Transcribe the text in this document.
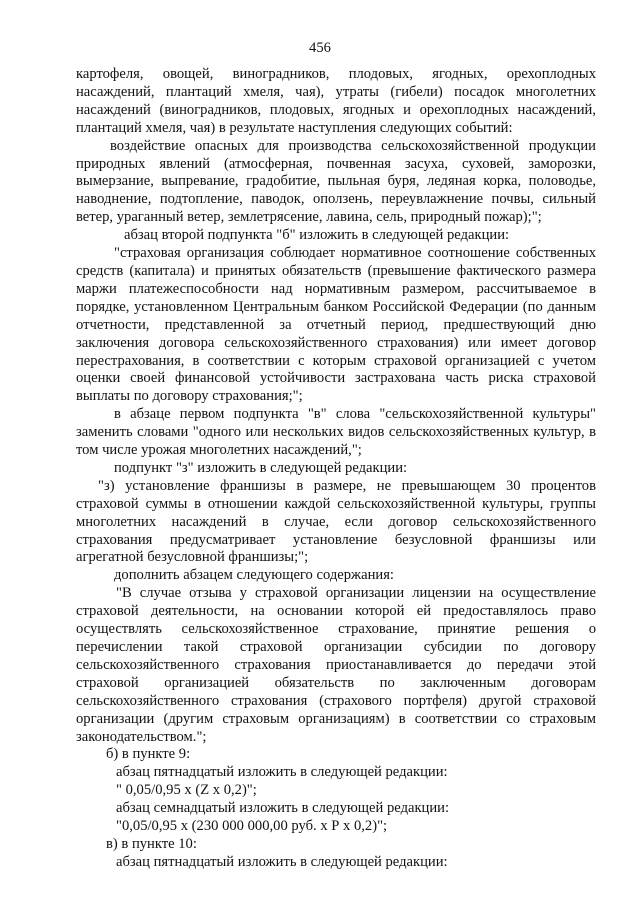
456

картофеля, овощей, виноградников, плодовых, ягодных, орехоплодных насаждений, плантаций хмеля, чая), утраты (гибели) посадок многолетних насаждений (виноградников, плодовых, ягодных и орехоплодных насаждений, плантаций хмеля, чая) в результате наступления следующих событий:

воздействие опасных для производства сельскохозяйственной продукции природных явлений (атмосферная, почвенная засуха, суховей, заморозки, вымерзание, выпревание, градобитие, пыльная буря, ледяная корка, половодье, наводнение, подтопление, паводок, оползень, переувлажнение почвы, сильный ветер, ураганный ветер, землетрясение, лавина, сель, природный пожар);";

абзац второй подпункта "б" изложить в следующей редакции:

"страховая организация соблюдает нормативное соотношение собственных средств (капитала) и принятых обязательств (превышение фактического размера маржи платежеспособности над нормативным размером, рассчитываемое в порядке, установленном Центральным банком Российской Федерации (по данным отчетности, представленной за отчетный период, предшествующий дню заключения договора сельскохозяйственного страхования) или имеет договор перестрахования, в соответствии с которым страховой организацией с учетом оценки своей финансовой устойчивости застрахована часть риска страховой выплаты по договору страхования;";

в абзаце первом подпункта "в" слова "сельскохозяйственной культуры" заменить словами "одного или нескольких видов сельскохозяйственных культур, в том числе урожая многолетних насаждений,";

подпункт "з" изложить в следующей редакции:

"з) установление франшизы в размере, не превышающем 30 процентов страховой суммы в отношении каждой сельскохозяйственной культуры, группы многолетних насаждений в случае, если договор сельскохозяйственного страхования предусматривает установление безусловной франшизы или агрегатной безусловной франшизы;";

дополнить абзацем следующего содержания:

"В случае отзыва у страховой организации лицензии на осуществление страховой деятельности, на основании которой ей предоставлялось право осуществлять сельскохозяйственное страхование, принятие решения о перечислении такой страховой организации субсидии по договору сельскохозяйственного страхования приостанавливается до передачи этой страховой организацией обязательств по заключенным договорам сельскохозяйственного страхования (страхового портфеля) другой страховой организации (другим страховым организациям) в соответствии со страховым законодательством.";

б) в пункте 9:

абзац пятнадцатый изложить в следующей редакции:

" 0,05/0,95 х (Z х 0,2)";

абзац семнадцатый изложить в следующей редакции:

"0,05/0,95 х (230 000 000,00 руб. х Р х 0,2)";

в) в пункте 10:

абзац пятнадцатый изложить в следующей редакции:
